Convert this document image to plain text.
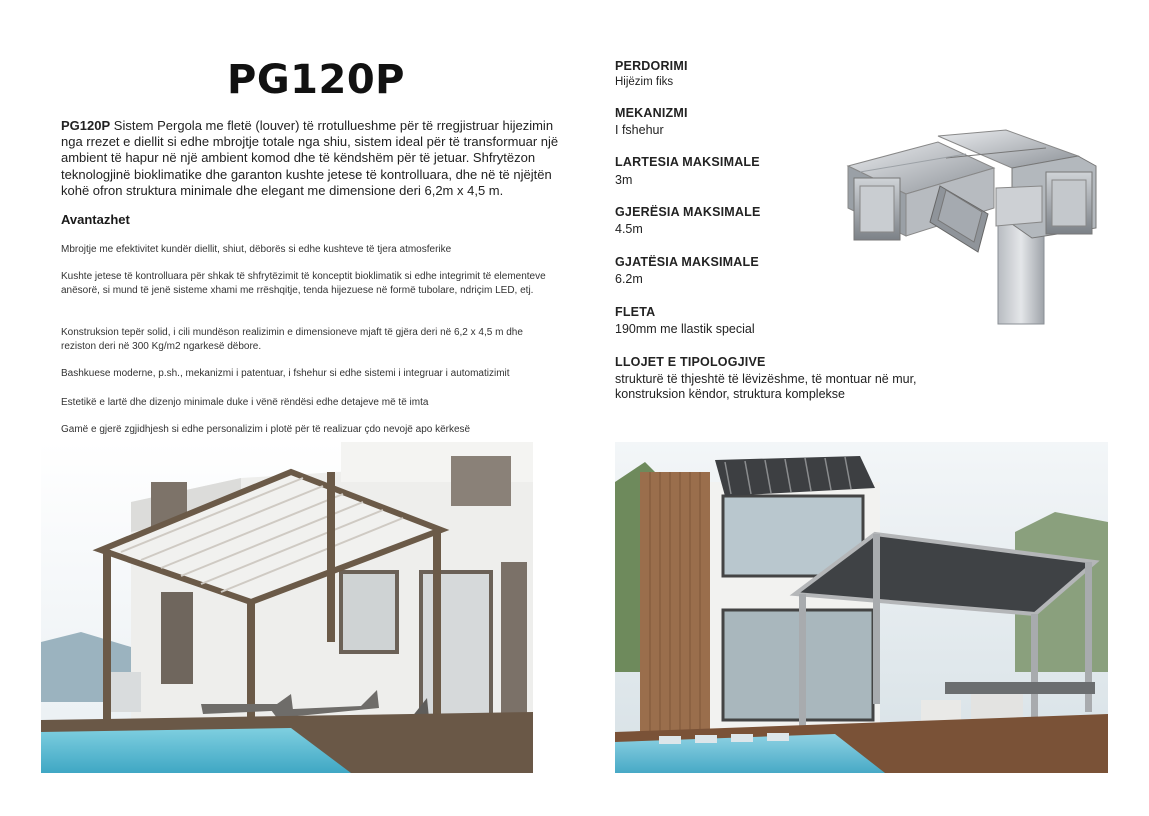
PG120P
PG120P Sistem Pergola me fletë (louver) të rrotullueshme për të rregjistruar hijezimin nga rrezet e diellit si edhe mbrojtje totale nga shiu, sistem ideal për të transformuar një ambient të hapur në një ambient komod dhe të këndshëm për të jetuar. Shfrytëzon teknologjinë bioklimatike dhe garanton kushte jetese të kontrolluara, dhe në të njëjtën kohë ofron struktura minimale dhe elegant me dimensione deri 6,2m x 4,5 m.
Avantazhet
Mbrojtje me efektivitet kundër diellit, shiut, dëborës si edhe kushteve të tjera atmosferike
Kushte jetese të kontrolluara për shkak të shfrytëzimit të konceptit bioklimatik si edhe integrimit të elementeve anësorë, si mund të jenë sisteme xhami me rrëshqitje, tenda hijezuese në formë tubolare, ndriçim LED, etj.
Konstruksion tepër solid, i cili mundëson realizimin e dimensioneve mjaft të gjëra deri në 6,2 x 4,5 m dhe reziston deri në 300 Kg/m2 ngarkesë dëbore.
Bashkuese moderne, p.sh., mekanizmi i patentuar, i fshehur si edhe sistemi i integruar i automatizimit
Estetikë e lartë dhe dizenjo minimale duke i vënë rëndësi edhe detajeve më të imta
Gamë e gjerë zgjidhjesh si edhe personalizim i plotë për të realizuar çdo nevojë apo kërkesë
PERDORIMI
Hijëzim fiks
MEKANIZMI
I fshehur
LARTESIA MAKSIMALE
3m
GJERËSIA MAKSIMALE
4.5m
GJATËSIA MAKSIMALE
6.2m
FLETA
190mm me llastik special
LLOJET E TIPOLOGJIVE
strukturë të thjeshtë të lëvizëshme, të montuar në mur, konstruksion këndor, struktura komplekse
